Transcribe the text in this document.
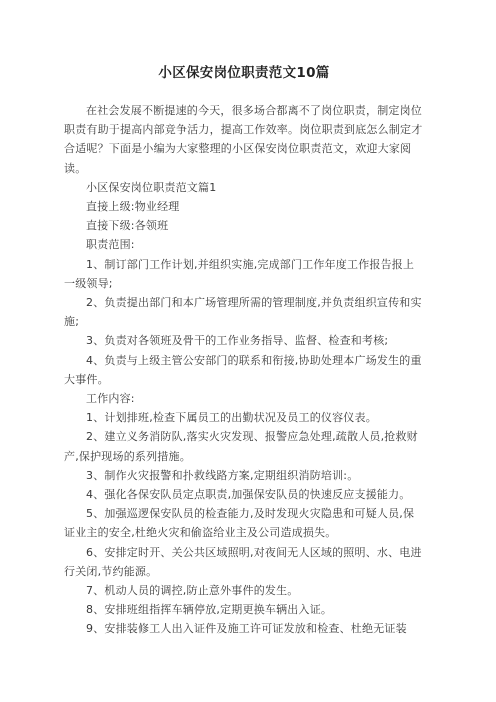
小区保安岗位职责范文10篇

在社会发展不断提速的今天，很多场合都离不了岗位职责，制定岗位职责有助于提高内部竞争活力，提高工作效率。岗位职责到底怎么制定才合适呢？下面是小编为大家整理的小区保安岗位职责范文，欢迎大家阅读。

小区保安岗位职责范文篇1

直接上级:物业经理

直接下级:各领班

职责范围:

1、制订部门工作计划,并组织实施,完成部门工作年度工作报告报上一级领导;

2、负责提出部门和本广场管理所需的管理制度,并负责组织宣传和实施;

3、负责对各领班及骨干的工作业务指导、监督、检查和考核;

4、负责与上级主管公安部门的联系和衔接,协助处理本广场发生的重大事件。

工作内容:

1、计划排班,检查下属员工的出勤状况及员工的仪容仪表。

2、建立义务消防队,落实火灾发现、报警应急处理,疏散人员,抢救财产,保护现场的系列措施。

3、制作火灾报警和扑救线路方案,定期组织消防培训:。

4、强化各保安队员定点职责,加强保安队员的快速反应支援能力。

5、加强巡逻保安队员的检查能力,及时发现火灾隐患和可疑人员,保证业主的安全,杜绝火灾和偷盗给业主及公司造成损失。

6、安排定时开、关公共区域照明,对夜间无人区域的照明、水、电进行关闭,节约能源。

7、机动人员的调控,防止意外事件的发生。

8、安排班组指挥车辆停放,定期更换车辆出入证。

9、安排装修工人出入证件及施工许可证发放和检查、杜绝无证装
